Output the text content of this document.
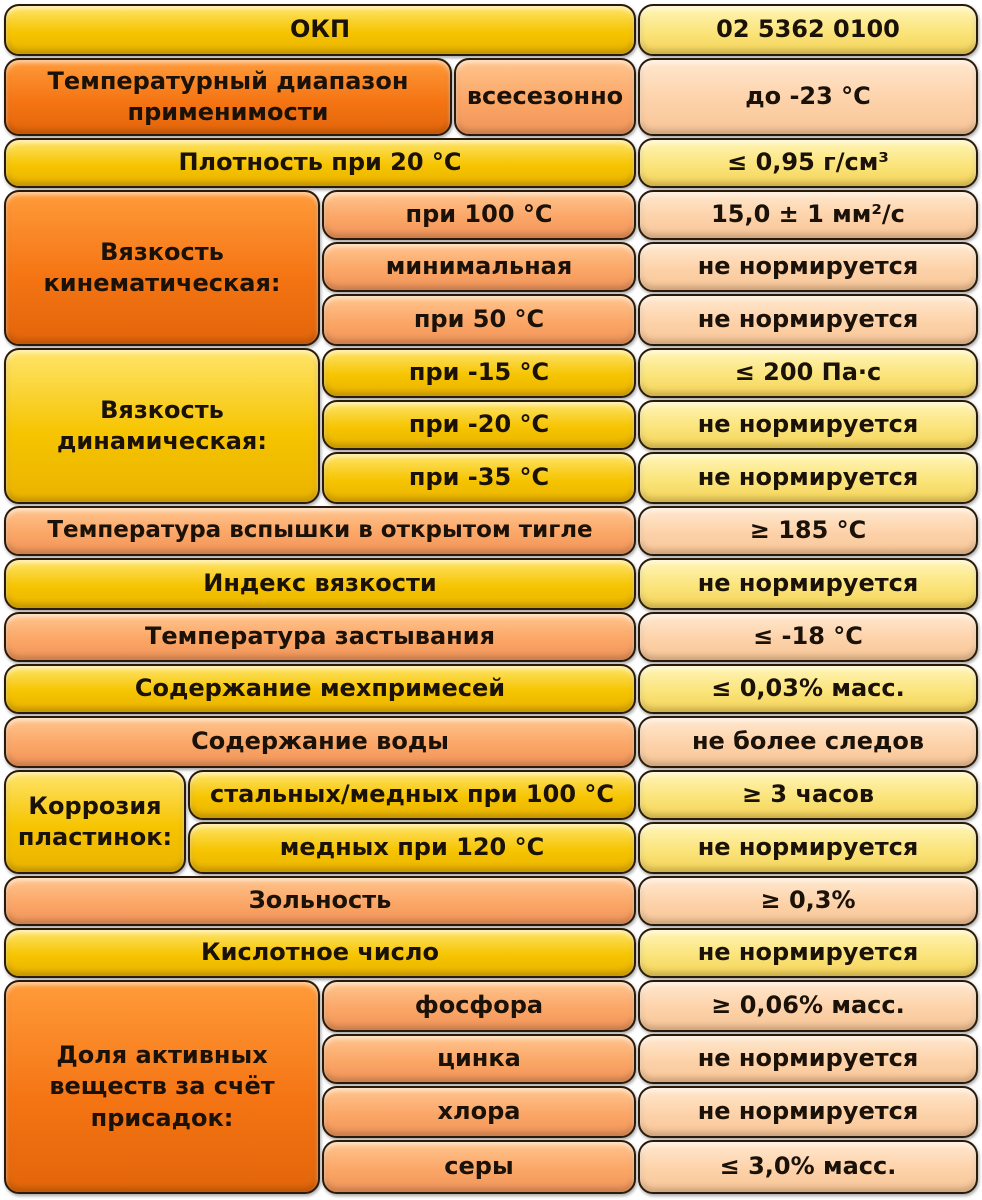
ОКП	02 5362 0100
Температурный диапазон
применимости
всесезонно	до -23 °C
Плотность при 20 °C	≤ 0,95 г/см³
Вязкость
кинематическая:
при 100 °C	15,0 ± 1 мм²/с
минимальная	не нормируется
при 50 °C	не нормируется
Вязкость
динамическая:
при -15 °C	≤ 200 Па·с
при -20 °C	не нормируется
при -35 °C	не нормируется
Температура вспышки в открытом тигле	≥ 185 °C
Индекс вязкости	не нормируется
Температура застывания	≤ -18 °C
Содержание мехпримесей	≤ 0,03% масс.
Содержание воды	не более следов
Коррозия
пластинок:
стальных/медных при 100 °C	≥ 3 часов
медных при 120 °C	не нормируется
Зольность	≥ 0,3%
Кислотное число	не нормируется
Доля активных
веществ за счёт
присадок:
фосфора	≥ 0,06% масс.
цинка	не нормируется
хлора	не нормируется
серы	≤ 3,0% масс.
